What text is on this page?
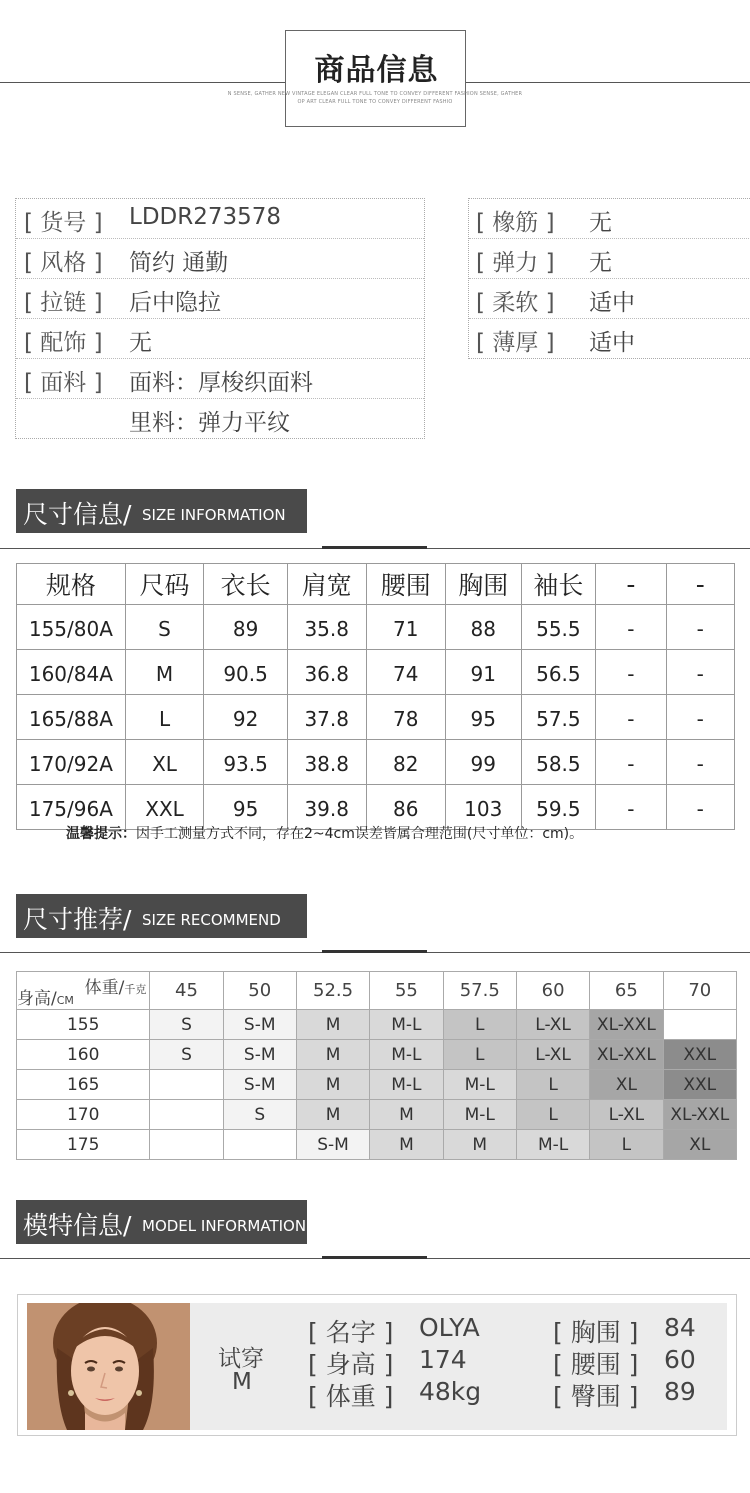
商品信息
N SENSE, GATHER NEW VINTAGE ELEGAN CLEAR FULL TONE TO CONVEY DIFFERENT FASHION SENSE, GATHER
OP ART CLEAR FULL TONE TO CONVEY DIFFERENT FASHIO
[ 货号 ] LDDR273578
[ 风格 ] 简约 通勤
[ 拉链 ] 后中隐拉
[ 配饰 ] 无
[ 面料 ] 面料：厚梭织面料
里料：弹力平纹
[ 橡筋 ] 无
[ 弹力 ] 无
[ 柔软 ] 适中
[ 薄厚 ] 适中
尺寸信息/ SIZE INFORMATION
规格	尺码	衣长	肩宽	腰围	胸围	袖长	-	-
155/80A	S	89	35.8	71	88	55.5	-	-
160/84A	M	90.5	36.8	74	91	56.5	-	-
165/88A	L	92	37.8	78	95	57.5	-	-
170/92A	XL	93.5	38.8	82	99	58.5	-	-
175/96A	XXL	95	39.8	86	103	59.5	-	-
温馨提示：因手工测量方式不同，存在2~4cm误差皆属合理范围(尺寸单位：cm)。
尺寸推荐/ SIZE RECOMMEND
体重/千克
身高/CM	45	50	52.5	55	57.5	60	65	70
155	S	S-M	M	M-L	L	L-XL	XL-XXL	
160	S	S-M	M	M-L	L	L-XL	XL-XXL	XXL
165		S-M	M	M-L	M-L	L	XL	XXL
170		S	M	M	M-L	L	L-XL	XL-XXL
175			S-M	M	M	M-L	L	XL
模特信息/ MODEL INFORMATION
试穿
M
[ 名字 ] OLYA
[ 身高 ] 174
[ 体重 ] 48kg
[ 胸围 ] 84
[ 腰围 ] 60
[ 臀围 ] 89
